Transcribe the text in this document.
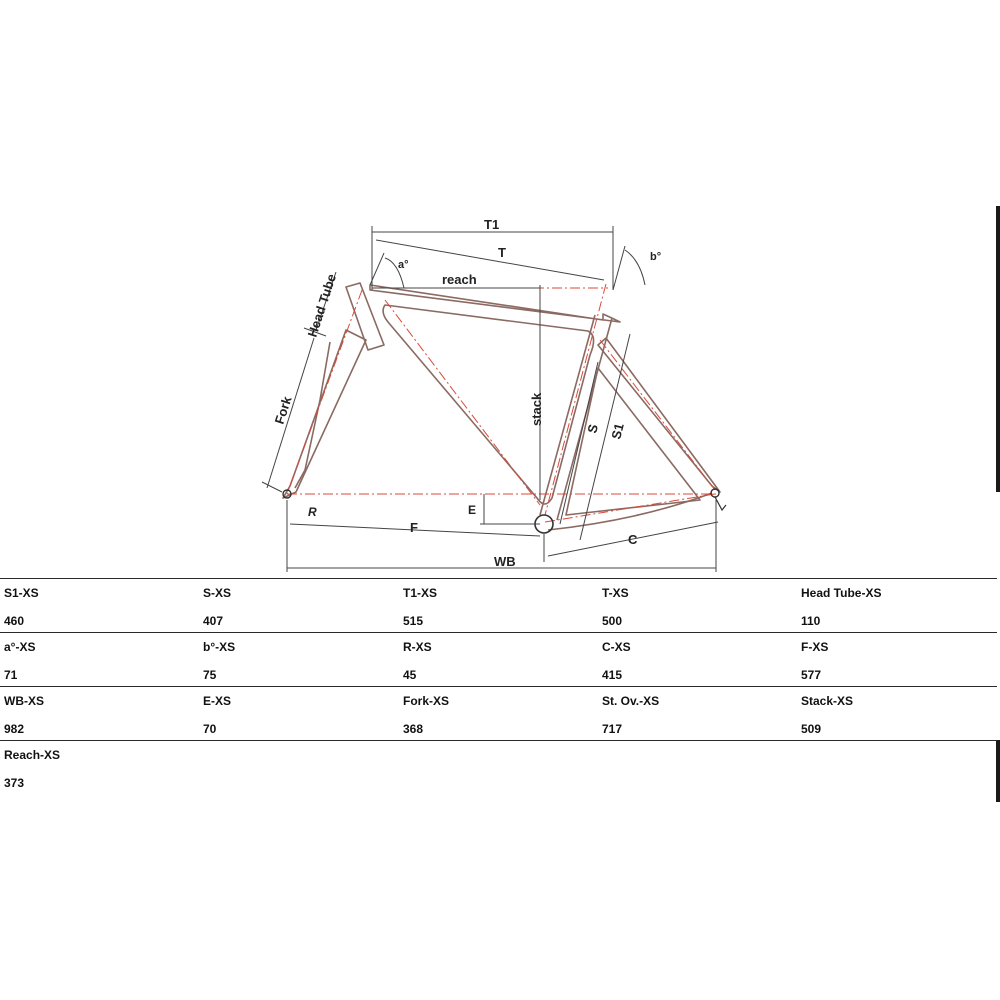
T1
T
reach
a°
b°
Head Tube
Fork	stack
S S1
E
R
F
C
WB
S1-XS
460
S-XS
407
T1-XS
515
T-XS
500
Head Tube-XS
110
a°-XS
71
b°-XS
75
R-XS
45
C-XS
415
F-XS
577
WB-XS
982
E-XS
70
Fork-XS
368
St. Ov.-XS
717
Stack-XS
509
Reach-XS
373
